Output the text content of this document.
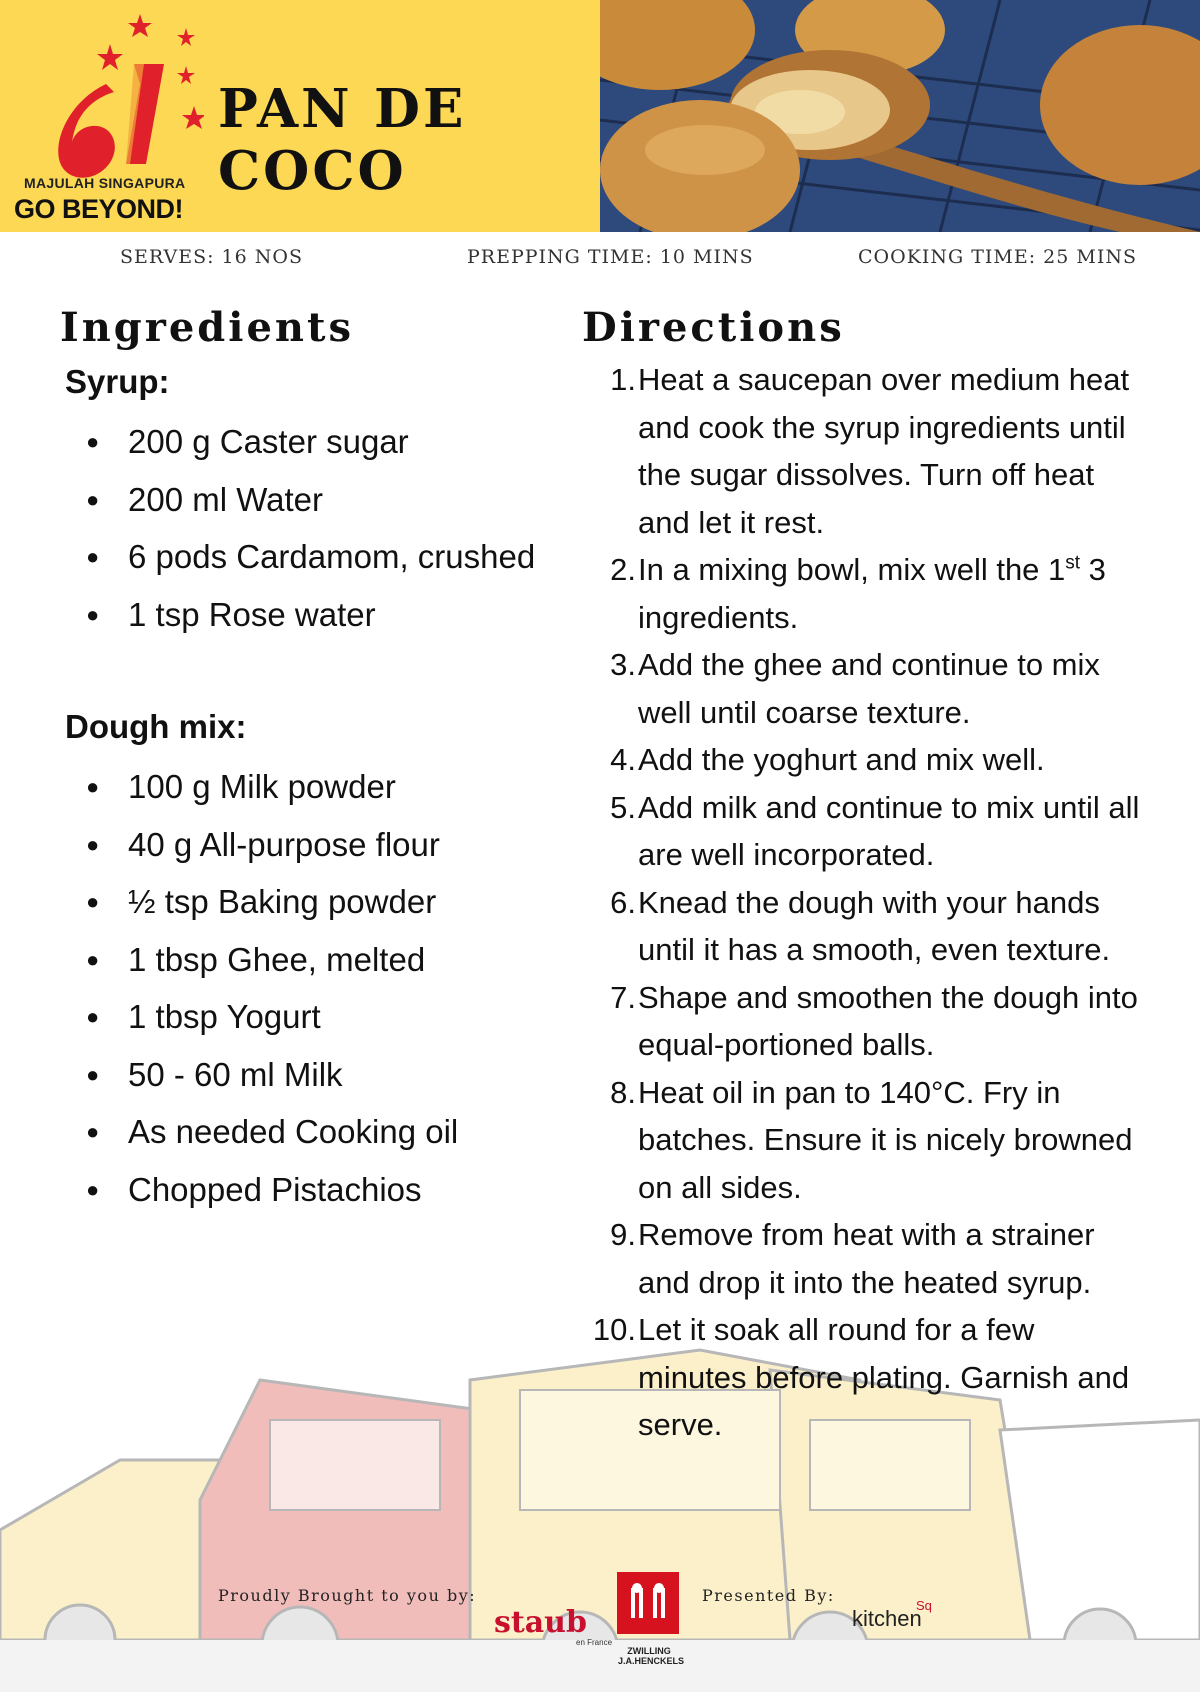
MAJULAH SINGAPURA
GO BEYOND!
PAN DE COCO
SERVES: 16 NOS	PREPPING TIME: 10 MINS	COOKING TIME: 25 MINS
Ingredients
Syrup:
● 200 g Caster sugar
● 200 ml Water
● 6 pods Cardamom, crushed
● 1 tsp Rose water
Dough mix:
● 100 g Milk powder
● 40 g All-purpose flour
● ½ tsp Baking powder
● 1 tbsp Ghee, melted
● 1 tbsp Yogurt
● 50 - 60 ml Milk
● As needed Cooking oil
● Chopped Pistachios
Directions
1. Heat a saucepan over medium heat and cook the syrup ingredients until the sugar dissolves. Turn off heat and let it rest.
2. In a mixing bowl, mix well the 1st 3 ingredients.
3. Add the ghee and continue to mix well until coarse texture.
4. Add the yoghurt and mix well.
5. Add milk and continue to mix until all are well incorporated.
6. Knead the dough with your hands until it has a smooth, even texture.
7. Shape and smoothen the dough into equal-portioned balls.
8. Heat oil in pan to 140°C. Fry in batches. Ensure it is nicely browned on all sides.
9. Remove from heat with a strainer and drop it into the heated syrup.
10. Let it soak all round for a few minutes before plating. Garnish and serve.
Proudly Brought to you by:
staub
en France
ZWILLING J.A.HENCKELS
Presented By:
kitchen
Sq
